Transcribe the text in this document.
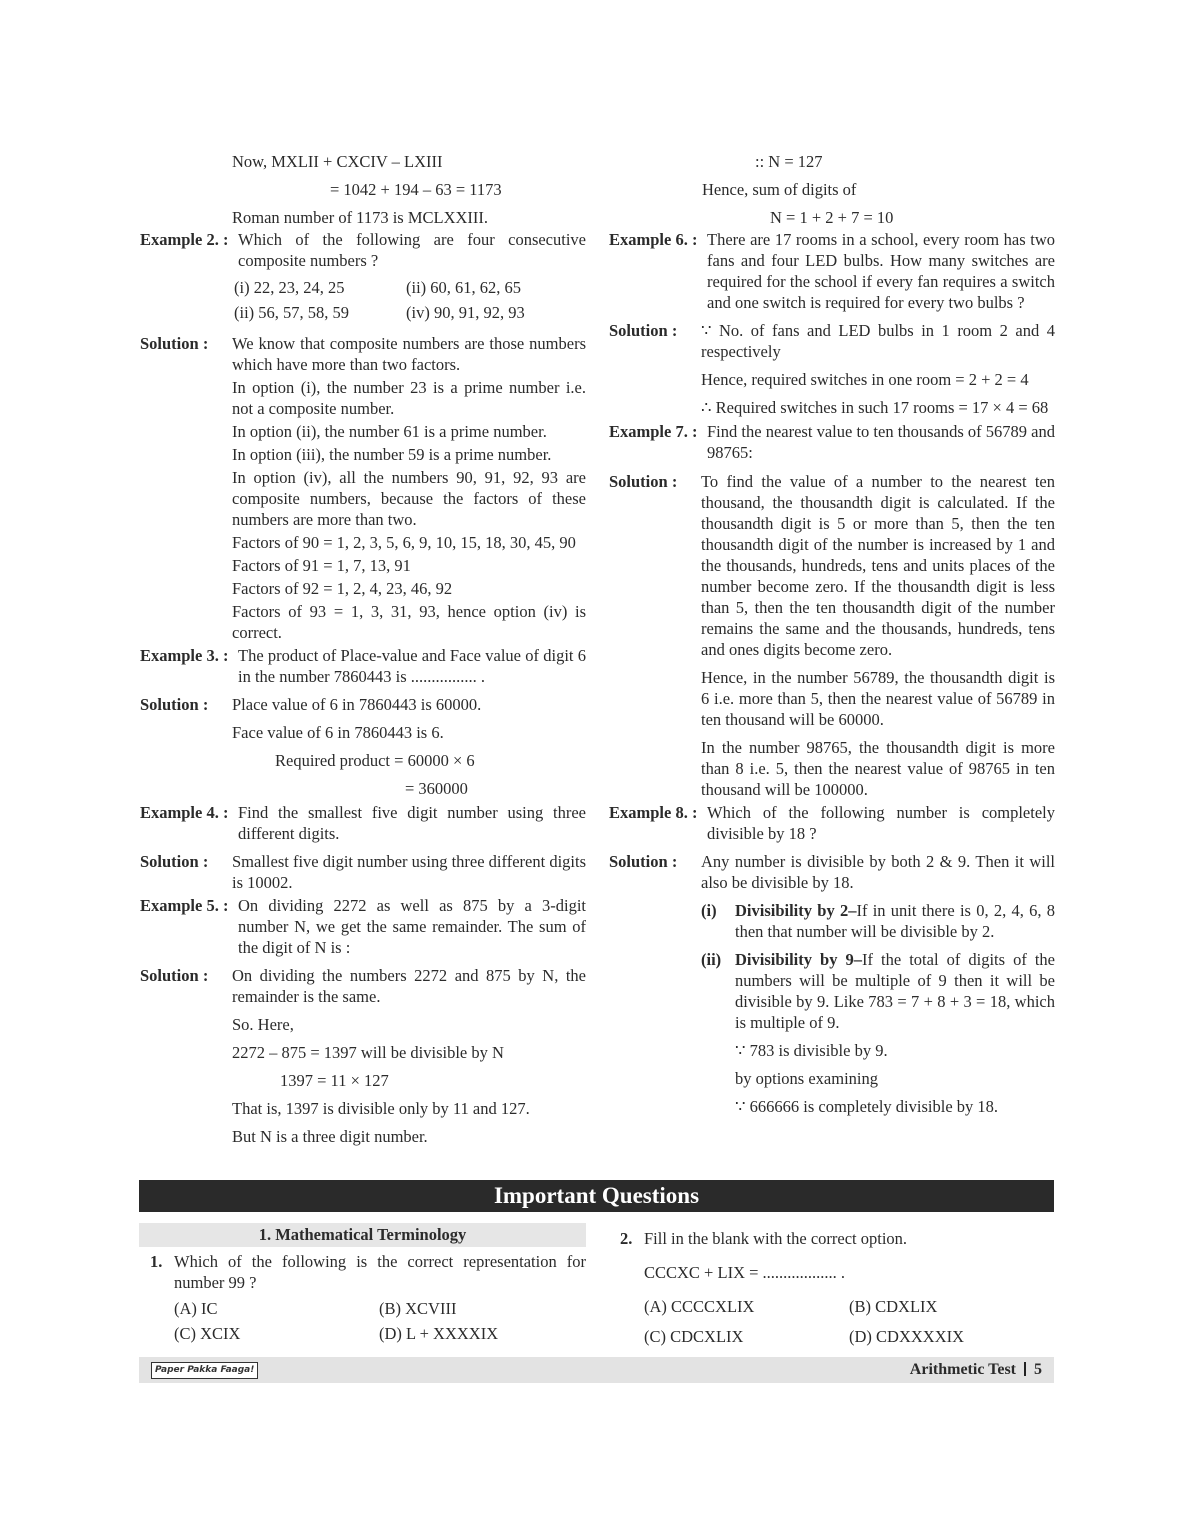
Now, MXLII + CXCIV – LXIII

= 1042 + 194 – 63 = 1173

Roman number of 1173 is MCLXXIII.

Example 2. : Which of the following are four consecutive composite numbers ?
(i) 22, 23, 24, 25	(ii) 60, 61, 62, 65
(ii) 56, 57, 58, 59	(iv) 90, 91, 92, 93
Solution :	We know that composite numbers are those numbers which have more than two factors.
In option (i), the number 23 is a prime number i.e. not a composite number.
In option (ii), the number 61 is a prime number.
In option (iii), the number 59 is a prime number.
In option (iv), all the numbers 90, 91, 92, 93 are composite numbers, because the factors of these numbers are more than two.
Factors of 90 = 1, 2, 3, 5, 6, 9, 10, 15, 18, 30, 45, 90
Factors of 91 = 1, 7, 13, 91
Factors of 92 = 1, 2, 4, 23, 46, 92
Factors of 93 = 1, 3, 31, 93, hence option (iv) is correct.
Example 3. : The product of Place-value and Face value of digit 6 in the number 7860443 is ................ .
Solution :	Place value of 6 in 7860443 is 60000.

Face value of 6 in 7860443 is 6.

Required product = 60000 × 6

= 360000

Example 4. : Find the smallest five digit number using three different digits.
Solution :	Smallest five digit number using three different digits is 10002.
Example 5. : On dividing 2272 as well as 875 by a 3-digit number N, we get the same remainder. The sum of the digit of N is :
Solution :	On dividing the numbers 2272 and 875 by N, the remainder is the same.

So. Here,

2272 – 875 = 1397 will be divisible by N

1397 = 11 × 127

That is, 1397 is divisible only by 11 and 127.

But N is a three digit number.

:: N = 127

Hence, sum of digits of

N = 1 + 2 + 7 = 10

Example 6. : There are 17 rooms in a school, every room has two fans and four LED bulbs. How many switches are required for the school if every fan requires a switch and one switch is required for every two bulbs ?
Solution :	∵ No. of fans and LED bulbs in 1 room 2 and 4 respectively

Hence, required switches in one room = 2 + 2 = 4

∴ Required switches in such 17 rooms = 17 × 4 = 68

Example 7. : Find the nearest value to ten thousands of 56789 and 98765:
Solution :	To find the value of a number to the nearest ten thousand, the thousandth digit is calculated. If the thousandth digit is 5 or more than 5, then the ten thousandth digit of the number is increased by 1 and the thousands, hundreds, tens and units places of the number become zero. If the thousandth digit is less than 5, then the ten thousandth digit of the number remains the same and the thousands, hundreds, tens and ones digits become zero.

Hence, in the number 56789, the thousandth digit is 6 i.e. more than 5, then the nearest value of 56789 in ten thousand will be 60000.

In the number 98765, the thousandth digit is more than 8 i.e. 5, then the nearest value of 98765 in ten thousand will be 100000.

Example 8. : Which of the following number is completely divisible by 18 ?
Solution :	Any number is divisible by both 2 & 9. Then it will also be divisible by 18.
(i)	Divisibility by 2–If in unit there is 0, 2, 4, 6, 8 then that number will be divisible by 2.
(ii) Divisibility by 9–If the total of digits of the numbers will be multiple of 9 then it will be divisible by 9. Like 783 = 7 + 8 + 3 = 18, which is multiple of 9.

∵ 783 is divisible by 9.

by options examining

∵ 666666 is completely divisible by 18.

Important Questions
1. Mathematical Terminology
1. Which of the following is the correct representation for number 99 ?
(A) IC	(B) XCVIII
(C) XCIX	(D) L + XXXXIX
2. Fill in the blank with the correct option.
CCCXC + LIX = .................. .
(A) CCCCXLIX	(B) CDXLIX
(C) CDCXLIX	(D) CDXXXXIX
Paper Pakka Faaga!	Arithmetic Test 5
